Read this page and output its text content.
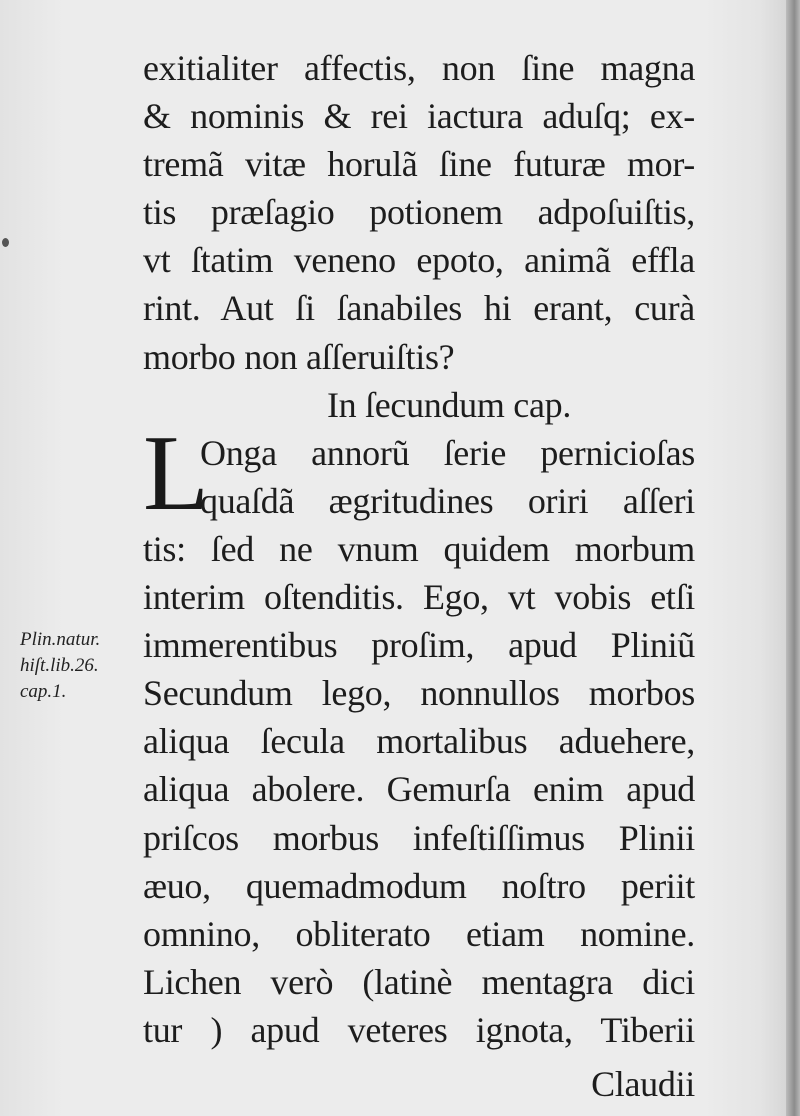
exitialiter affectis, non ſine magna
& nominis & rei iactura aduſq; ex-
tremã vitæ horulã ſine futuræ mor-
tis præſagio potionem adpoſuiſtis,
vt ſtatim veneno epoto, animã effla
rint. Aut ſi ſanabiles hi erant, curà
morbo non aſſeruiſtis?
In ſecundum cap.
Onga annorũ ſerie pernicioſas
quaſdã ægritudines oriri aſſeri
tis: ſed ne vnum quidem morbum
interim oſtenditis. Ego, vt vobis etſi
immerentibus proſim, apud Pliniũ
Secundum lego, nonnullos morbos
aliqua ſecula mortalibus aduehere,
aliqua abolere. Gemurſa enim apud
priſcos morbus infeſtiſſimus Plinii
æuo, quemadmodum noſtro periit
omnino, obliterato etiam nomine.
Lichen verò (latinè mentagra dici
tur ) apud veteres ignota, Tiberii
L
Claudii
Plin.natur.
hiſt.lib.26.
cap.1.
